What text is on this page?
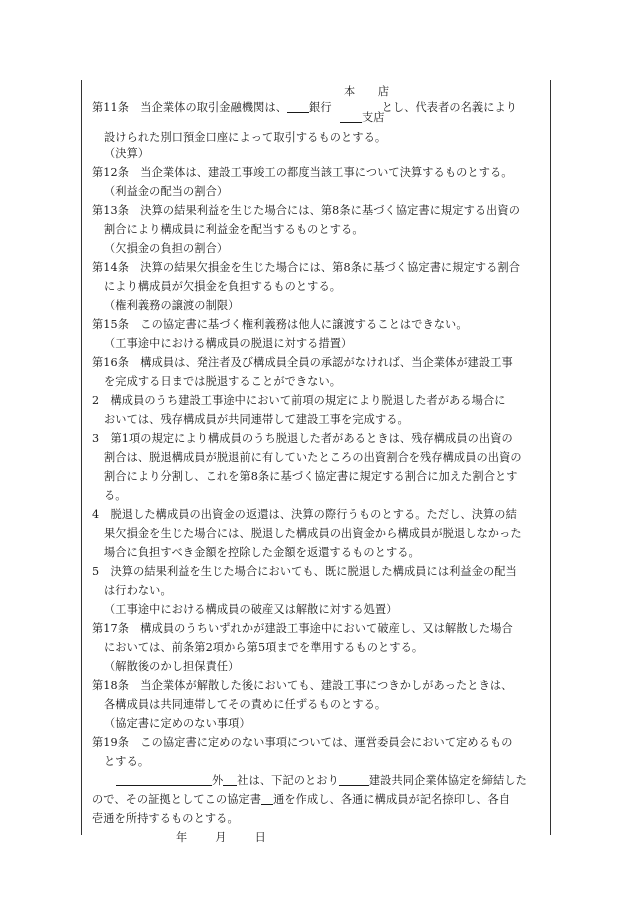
本　　店
第11条　当企業体の取引金融機関は、 銀行	とし、代表者の名義により
支店
設けられた別口預金口座によって取引するものとする。
（決算）
第12条　当企業体は、建設工事竣工の都度当該工事について決算するものとする。
（利益金の配当の割合）
第13条　決算の結果利益を生じた場合には、第8条に基づく協定書に規定する出資の
割合により構成員に利益金を配当するものとする。
（欠損金の負担の割合）
第14条　決算の結果欠損金を生じた場合には、第8条に基づく協定書に規定する割合
により構成員が欠損金を負担するものとする。
（権利義務の譲渡の制限）
第15条　この協定書に基づく権利義務は他人に譲渡することはできない。
（工事途中における構成員の脱退に対する措置）
第16条　構成員は、発注者及び構成員全員の承認がなければ、当企業体が建設工事
を完成する日までは脱退することができない。
2　構成員のうち建設工事途中において前項の規定により脱退した者がある場合に
おいては、残存構成員が共同連帯して建設工事を完成する。
3　第1項の規定により構成員のうち脱退した者があるときは、残存構成員の出資の
割合は、脱退構成員が脱退前に有していたところの出資割合を残存構成員の出資の
割合により分割し、これを第8条に基づく協定書に規定する割合に加えた割合とす
る。
4　脱退した構成員の出資金の返還は、決算の際行うものとする。ただし、決算の結
果欠損金を生じた場合には、脱退した構成員の出資金から構成員が脱退しなかった
場合に負担すべき金額を控除した金額を返還するものとする。
5　決算の結果利益を生じた場合においても、既に脱退した構成員には利益金の配当
は行わない。
（工事途中における構成員の破産又は解散に対する処置）
第17条　構成員のうちいずれかが建設工事途中において破産し、又は解散した場合
においては、前条第2項から第5項までを準用するものとする。
（解散後のかし担保責任）
第18条　当企業体が解散した後においても、建設工事につきかしがあったときは、
各構成員は共同連帯してその責めに任ずるものとする。
（協定書に定めのない事項）
第19条　この協定書に定めのない事項については、運営委員会において定めるもの
とする。
外 社は、下記のとおり	建設共同企業体協定を締結した
ので、その証拠としてこの協定書 通を作成し、各通に構成員が記名捺印し、各自
壱通を所持するものとする。
年	月	日
